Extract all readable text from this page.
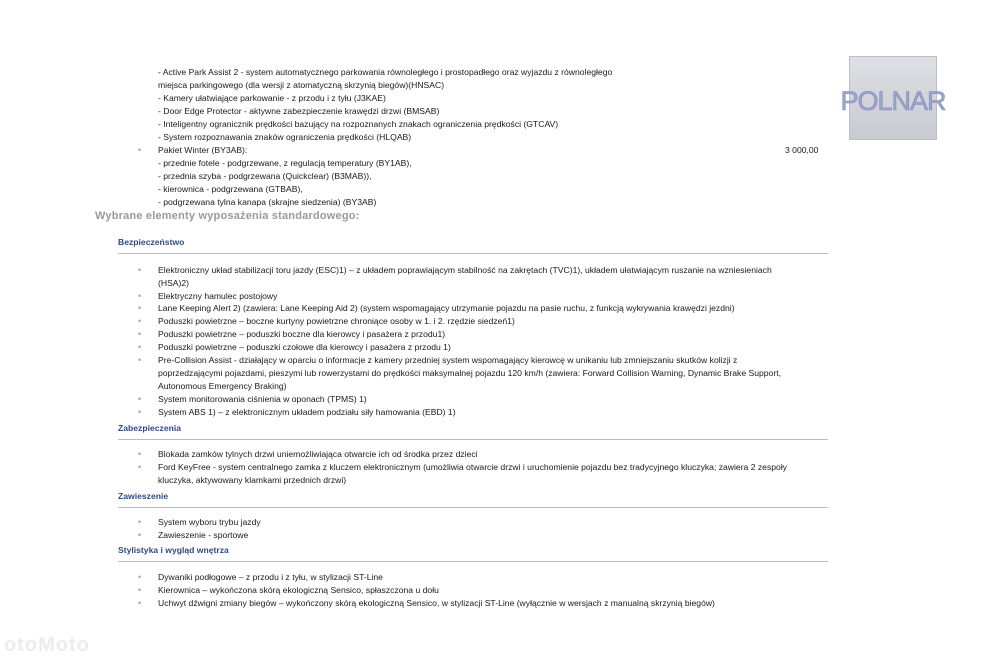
- Active Park Assist 2 - system automatycznego parkowania równoległego i prostopadłego oraz wyjazdu z równoległego
miejsca parkingowego (dla wersji z atomatyczną skrzynią biegów)(HNSAC)
- Kamery ułatwiające parkowanie - z przodu i z tyłu (J3KAE)
- Door Edge Protector - aktywne zabezpieczenie krawędzi drzwi (BMSAB)
- Inteligentny ogranicznik prędkości bazujący na rozpoznanych znakach ograniczenia prędkości (GTCAV)
- System rozpoznawania znaków ograniczenia prędkości (HLQAB)
• Pakiet Winter (BY3AB):	3 000,00
- przednie fotele - podgrzewane, z regulacją temperatury (BY1AB),
- przednia szyba - podgrzewana (Quickclear) (B3MAB)),
- kierownica - podgrzewana (GTBAB),
- podgrzewana tylna kanapa (skrajne siedzenia) (BY3AB)
Wybrane elementy wyposażenia standardowego:
Bezpieczeństwo
• Elektroniczny układ stabilizacji toru jazdy (ESC)1) – z układem poprawiającym stabilność na zakrętach (TVC)1), układem ułatwiającym ruszanie na wzniesieniach
(HSA)2)
• Elektryczny hamulec postojowy
• Lane Keeping Alert 2) (zawiera: Lane Keeping Aid 2) (system wspomagający utrzymanie pojazdu na pasie ruchu, z funkcją wykrywania krawędzi jezdni)
• Poduszki powietrzne – boczne kurtyny powietrzne chroniące osoby w 1. i 2. rzędzie siedzeń1)
• Poduszki powietrzne – poduszki boczne dla kierowcy i pasażera z przodu1)
• Poduszki powietrzne – poduszki czołowe dla kierowcy i pasażera z przodu 1)
• Pre-Collision Assist - działający w oparciu o informacje z kamery przedniej system wspomagający kierowcę w unikaniu lub zmniejszaniu skutków kolizji z
poprzedzającymi pojazdami, pieszymi lub rowerzystami do prędkości maksymalnej pojazdu 120 km/h (zawiera: Forward Collision Warning, Dynamic Brake Support,
Autonomous Emergency Braking)
• System monitorowania ciśnienia w oponach (TPMS) 1)
• System ABS 1) – z elektronicznym układem podziału siły hamowania (EBD) 1)
Zabezpieczenia
• Blokada zamków tylnych drzwi uniemożliwiająca otwarcie ich od środka przez dzieci
• Ford KeyFree - system centralnego zamka z kluczem elektronicznym (umożliwia otwarcie drzwi i uruchomienie pojazdu bez tradycyjnego kluczyka; zawiera 2 zespoły
kluczyka, aktywowany klamkami przednich drzwi)
Zawieszenie
• System wyboru trybu jazdy
• Zawieszenie - sportowe
Stylistyka i wygląd wnętrza
• Dywaniki podłogowe – z przodu i z tyłu, w stylizacji ST-Line
• Kierownica – wykończona skórą ekologiczną Sensico, spłaszczona u dołu
• Uchwyt dźwigni zmiany biegów – wykończony skórą ekologiczną Sensico, w stylizacji ST-Line (wyłącznie w wersjach z manualną skrzynią biegów)
POLNAR
otoMoto
